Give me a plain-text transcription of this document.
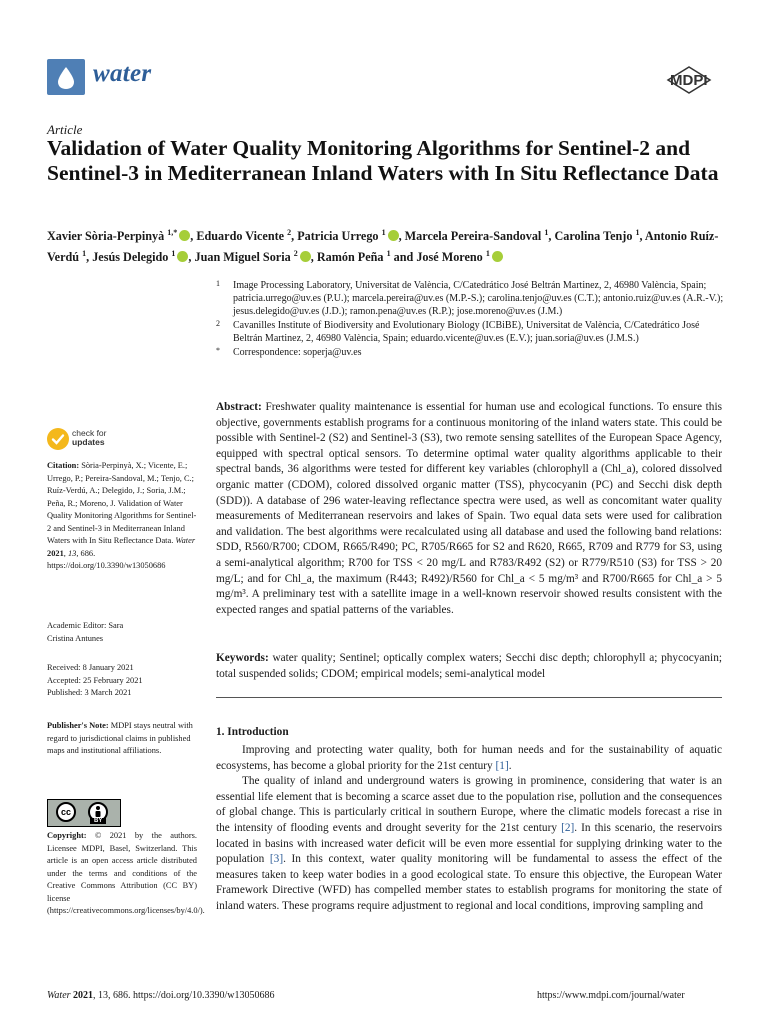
water	MDPI
Article
Validation of Water Quality Monitoring Algorithms for Sentinel-2 and Sentinel-3 in Mediterranean Inland Waters with In Situ Reflectance Data
Xavier Sòria-Perpinyà $^{1,*}$ , Eduardo Vicente $^2$, Patricia Urrego $^1$ , Marcela Pereira-Sandoval $^1$, Carolina Tenjo $^1$, Antonio Ruíz-Verdú $^1$, Jesús Delegido $^1$ , Juan Miguel Soria $^2$ , Ramón Peña $^1$ and José Moreno $^1$
1 Image Processing Laboratory, Universitat de València, C/Catedrático José Beltrán Martinez, 2, 46980 València, Spain; patricia.urrego@uv.es (P.U.); marcela.pereira@uv.es (M.P.-S.); carolina.tenjo@uv.es (C.T.); antonio.ruiz@uv.es (A.R.-V.); jesus.delegido@uv.es (J.D.); ramon.pena@uv.es (R.P.); jose.moreno@uv.es (J.M.)
2 Cavanilles Institute of Biodiversity and Evolutionary Biology (ICBiBE), Universitat de València, C/Catedrático José Beltrán Martinez, 2, 46980 València, Spain; eduardo.vicente@uv.es (E.V.); juan.soria@uv.es (J.M.S.)
* Correspondence: soperja@uv.es
Abstract: Freshwater quality maintenance is essential for human use and ecological functions. To ensure this objective, governments establish programs for a continuous monitoring of the inland waters state. This could be possible with Sentinel-2 (S2) and Sentinel-3 (S3), two remote sensing satellites of the European Space Agency, equipped with spectral optical sensors. To determine optimal water quality algorithms applicable to their spectral bands, 36 algorithms were tested for different key variables (chlorophyll a (Chl_a), colored dissolved organic matter (CDOM), colored dissolved organic matter (TSS), phycocyanin (PC) and Secchi disk depth (SDD)). A database of 296 water-leaving reflectance spectra were used, as well as concomitant water quality measurements of Mediterranean reservoirs and lakes of Spain. Two equal data sets were used for calibration and validation. The best algorithms were recalculated using all database and used the following band relations: SDD, R560/R700; CDOM, R665/R490; PC, R705/R665 for S2 and R620, R665, R709 and R779 for S3, using a semi-analytical algorithm; R700 for TSS < 20 mg/L and R783/R492 (S2) or R779/R510 (S3) for TSS > 20 mg/L; and for Chl_a, the maximum (R443; R492)/R560 for Chl_a < 5 mg/m³ and R700/R665 for Chl_a > 5 mg/m³. A preliminary test with a satellite image in a well-known reservoir showed results consistent with the expected ranges and spatial patterns of the variables.
Keywords: water quality; Sentinel; optically complex waters; Secchi disc depth; chlorophyll a; phycocyanin; total suspended solids; CDOM; empirical models; semi-analytical model
1. Introduction

Improving and protecting water quality, both for human needs and for the sustainability of aquatic ecosystems, has become a global priority for the 21st century [1].

The quality of inland and underground waters is growing in prominence, considering that water is an essential life element that is becoming a scarce asset due to the population rise, pollution and the consequences of global change. This is particularly critical in southern Europe, where the climatic models forecast a rise in the intensity of flooding events and drought severity for the 21st century [2]. In this scenario, the reservoirs located in basins with increased water deficit will be even more essential for supplying drinking water to the population [3]. In this context, water quality monitoring will be fundamental to assess the effect of the measures taken to keep water bodies in a good ecological state. To ensure this objective, the European Water Framework Directive (WFD) has compelled member states to establish programs for monitoring the state of inland waters. These programs require adjustment to regional and local conditions, improving sampling and

check for
updates
Citation: Sòria-Perpinyà, X.; Vicente, E.; Urrego, P.; Pereira-Sandoval, M.; Tenjo, C.; Ruíz-Verdú, A.; Delegido, J.; Soria, J.M.; Peña, R.; Moreno, J. Validation of Water Quality Monitoring Algorithms for Sentinel-2 and Sentinel-3 in Mediterranean Inland Waters with In Situ Reflectance Data. Water 2021, 13, 686. https://doi.org/10.3390/w13050686
Academic Editor: Sara
Cristina Antunes
Received: 8 January 2021
Accepted: 25 February 2021
Published: 3 March 2021
Publisher's Note: MDPI stays neutral with regard to jurisdictional claims in published maps and institutional affiliations.
cc
BY
Copyright: © 2021 by the authors. Licensee MDPI, Basel, Switzerland. This article is an open access article distributed under the terms and conditions of the Creative Commons Attribution (CC BY) license (https://creativecommons.org/licenses/by/4.0/).
Water 2021, 13, 686. https://doi.org/10.3390/w13050686	https://www.mdpi.com/journal/water
